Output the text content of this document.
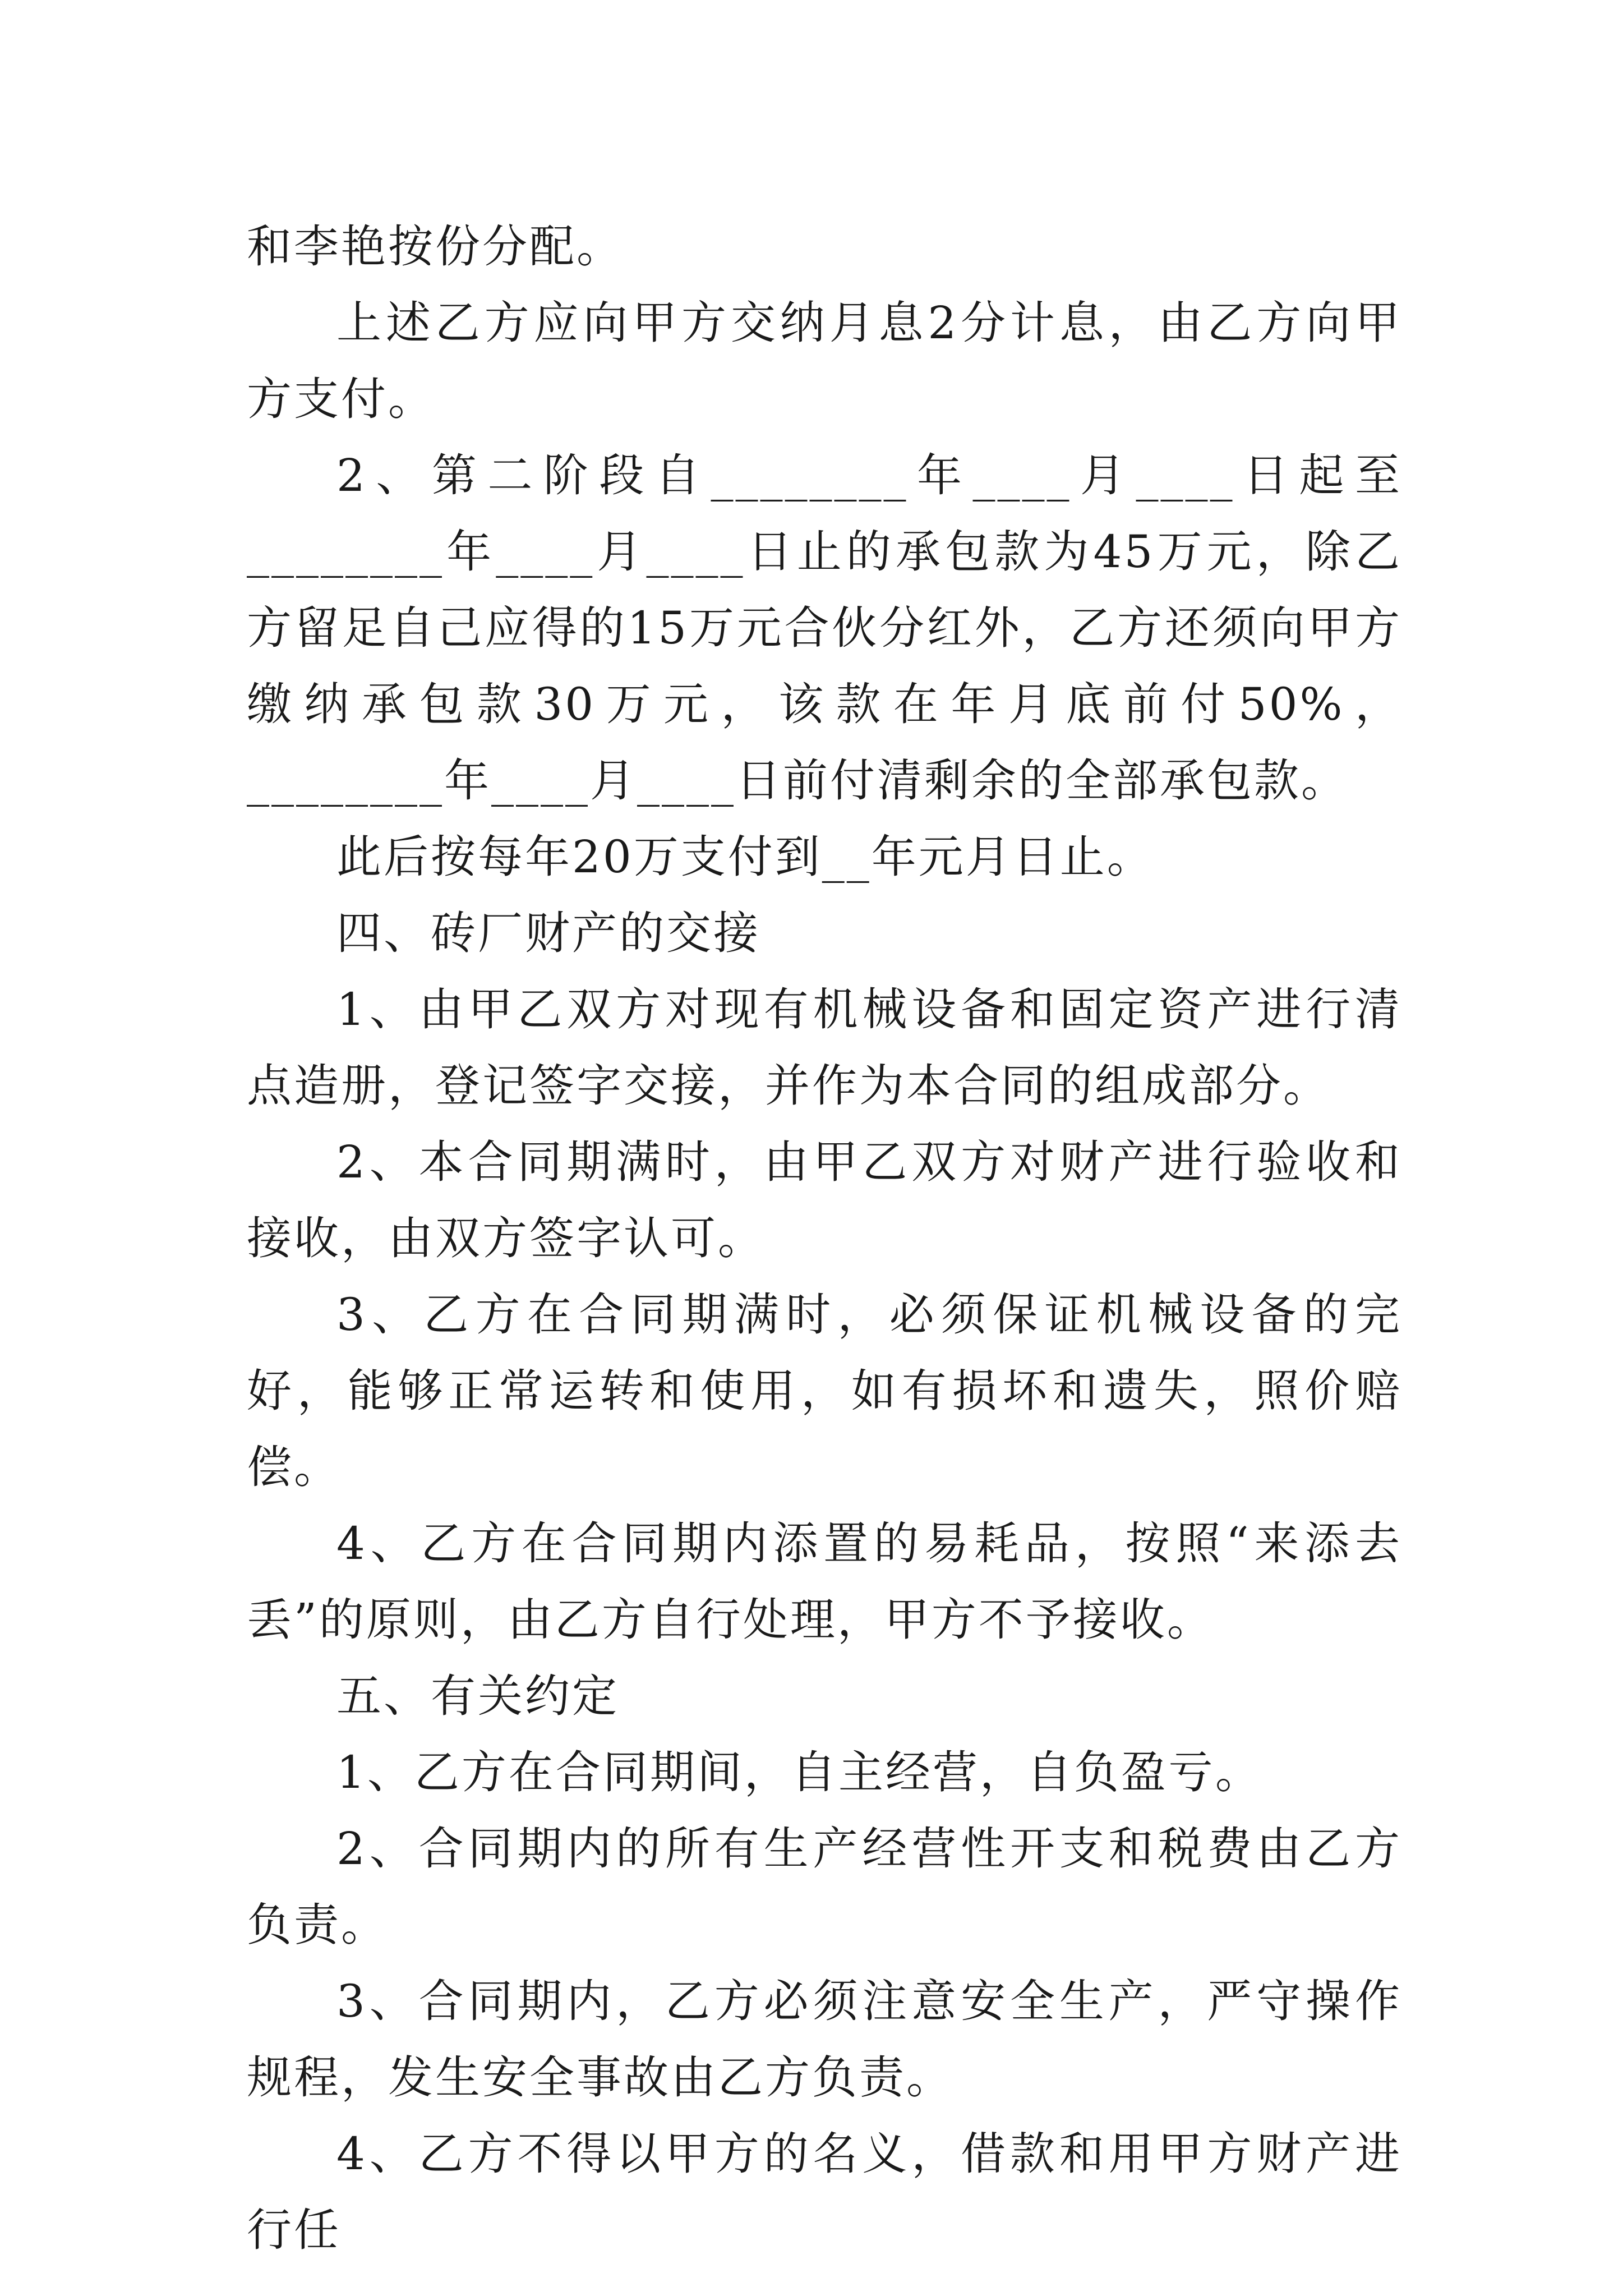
和李艳按份分配。

上述乙方应向甲方交纳月息2分计息，由乙方向甲方支付。

2、第二阶段自________年____月____日起至________年____月____日止的承包款为45万元，除乙方留足自己应得的15万元合伙分红外，乙方还须向甲方缴纳承包款30万元，该款在年月底前付50%，________年____月____日前付清剩余的全部承包款。

此后按每年20万支付到__年元月日止。

四、砖厂财产的交接

1、由甲乙双方对现有机械设备和固定资产进行清点造册，登记签字交接，并作为本合同的组成部分。

2、本合同期满时，由甲乙双方对财产进行验收和接收，由双方签字认可。

3、乙方在合同期满时，必须保证机械设备的完好，能够正常运转和使用，如有损坏和遗失，照价赔偿。

4、乙方在合同期内添置的易耗品，按照“来添去丢”的原则，由乙方自行处理，甲方不予接收。

五、有关约定

1、乙方在合同期间，自主经营，自负盈亏。

2、合同期内的所有生产经营性开支和税费由乙方负责。

3、合同期内，乙方必须注意安全生产，严守操作规程，发生安全事故由乙方负责。

4、乙方不得以甲方的名义，借款和用甲方财产进行任
